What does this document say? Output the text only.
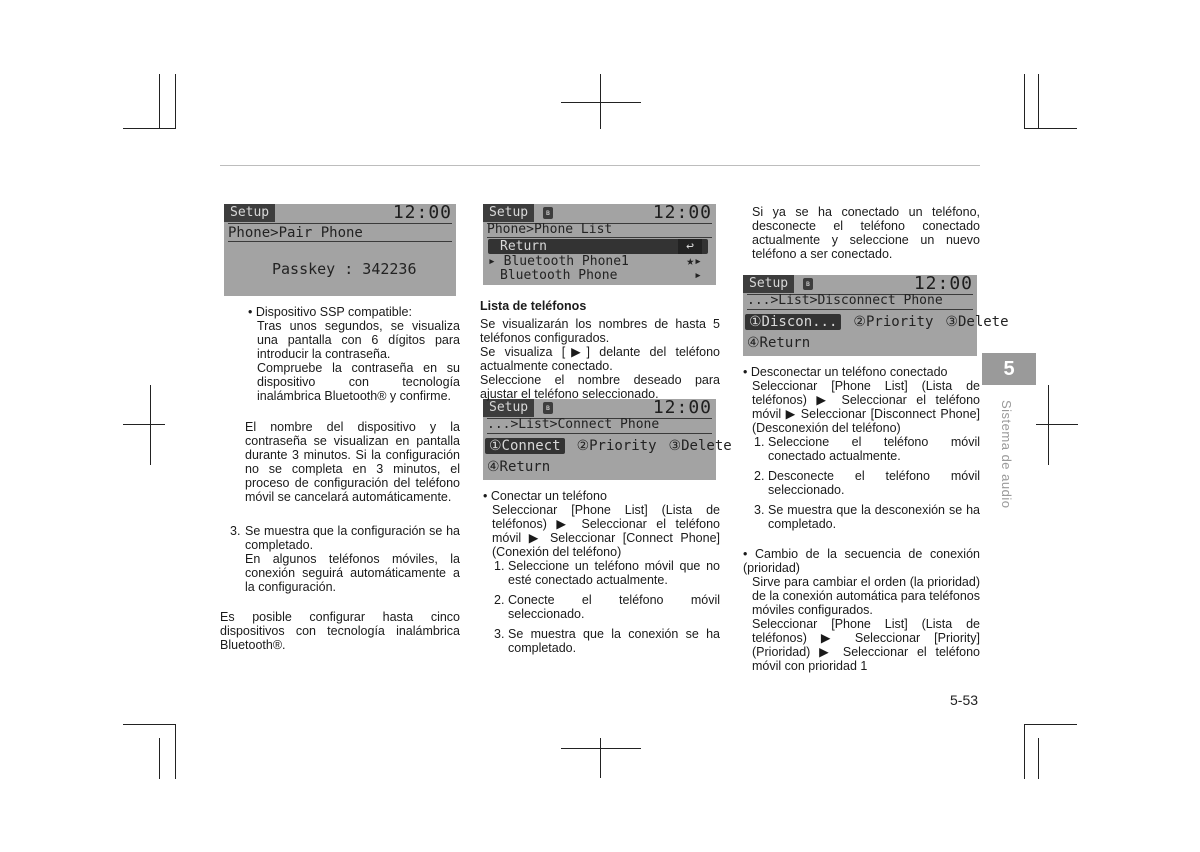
Setup	12:00
Phone>Pair Phone
Passkey : 342236
Setup	ʙ	12:00
Phone>Phone List
Return	↩
▸ Bluetooth Phone1	★▸
Bluetooth Phone	▸
Setup	ʙ	12:00
...>List>Connect Phone
①Connect ②Priority ③Delete
④Return
Setup	ʙ	12:00
...>List>Disconnect Phone
①Discon... ②Priority ③Delete
④Return
• Dispositivo SSP compatible:
Tras unos segundos, se visualiza una pantalla con 6 dígitos para introducir la contraseña.
Compruebe la contraseña en su dispositivo con tecnología inalámbrica Bluetooth® y confirme.
El nombre del dispositivo y la contraseña se visualizan en pantalla durante 3 minutos. Si la configuración no se completa en 3 minutos, el proceso de configuración del teléfono móvil se cancelará automáticamente.
3. Se muestra que la configuración se ha completado.
En algunos teléfonos móviles, la conexión seguirá automáticamente a la configuración.
Es posible configurar hasta cinco dispositivos con tecnología inalámbrica Bluetooth®.
Lista de teléfonos
Se visualizarán los nombres de hasta 5 teléfonos configurados.
Se visualiza [▶] delante del teléfono actualmente conectado.
Seleccione el nombre deseado para ajustar el teléfono seleccionado.
• Conectar un teléfono
Seleccionar [Phone List] (Lista de teléfonos) ▶ Seleccionar el teléfono móvil ▶ Seleccionar [Connect Phone] (Conexión del teléfono)
1. Seleccione un teléfono móvil que no esté conectado actualmente.
2. Conecte el teléfono móvil seleccionado.
3. Se muestra que la conexión se ha completado.
Si ya se ha conectado un teléfono, desconecte el teléfono conectado actualmente y seleccione un nuevo teléfono a ser conectado.
• Desconectar un teléfono conectado
Seleccionar [Phone List] (Lista de teléfonos) ▶ Seleccionar el teléfono móvil ▶ Seleccionar [Disconnect Phone] (Desconexión del teléfono)
1. Seleccione el teléfono móvil conectado actualmente.
2. Desconecte el teléfono móvil seleccionado.
3. Se muestra que la desconexión se ha completado.
• Cambio de la secuencia de conexión (prioridad)
Sirve para cambiar el orden (la prioridad) de la conexión automática para teléfonos móviles configurados.
Seleccionar [Phone List] (Lista de teléfonos) ▶ Seleccionar [Priority] (Prioridad) ▶ Seleccionar el teléfono móvil con prioridad 1
5
Sistema de audio
5-53
